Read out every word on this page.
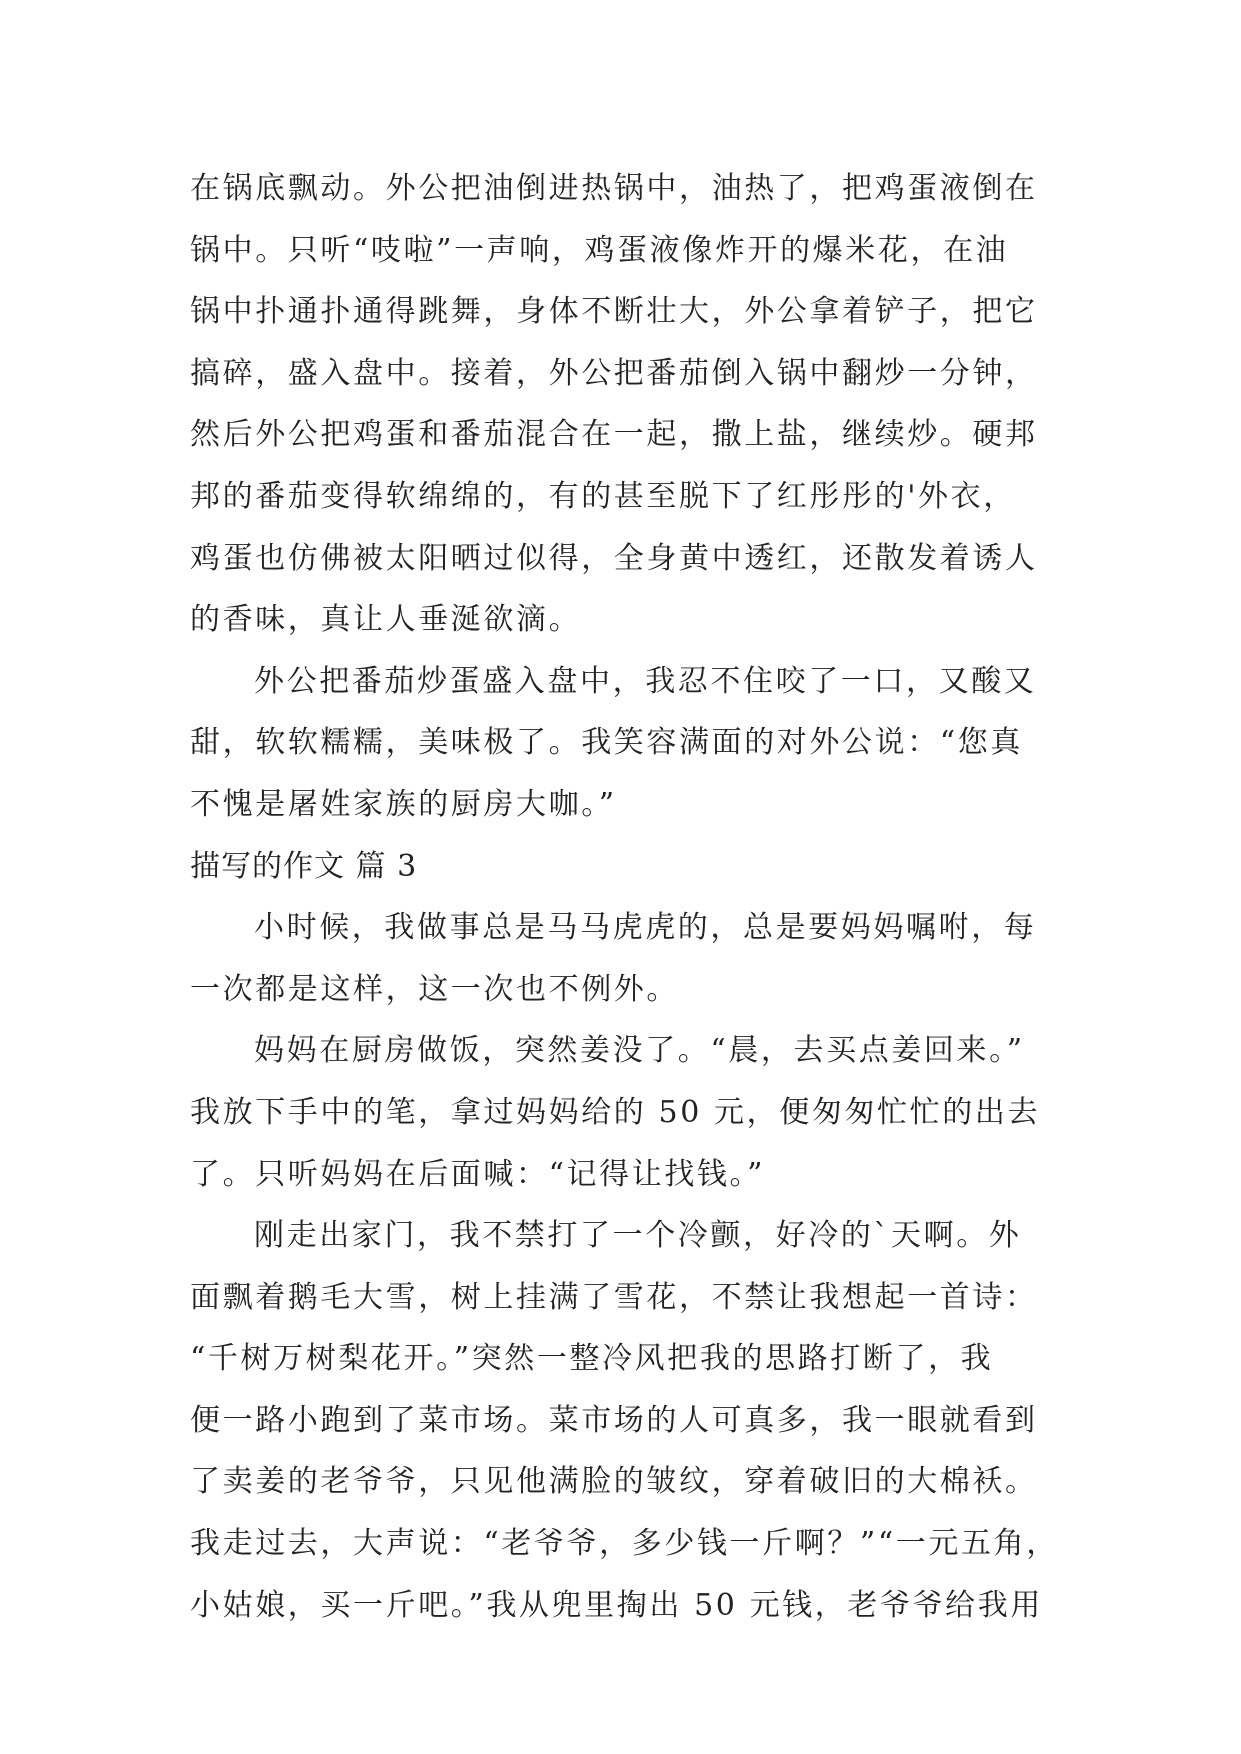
在锅底飘动。外公把油倒进热锅中，油热了，把鸡蛋液倒在
锅中。只听“吱啦”一声响，鸡蛋液像炸开的爆米花，在油
锅中扑通扑通得跳舞，身体不断壮大，外公拿着铲子，把它
搞碎，盛入盘中。接着，外公把番茄倒入锅中翻炒一分钟，
然后外公把鸡蛋和番茄混合在一起，撒上盐，继续炒。硬邦
邦的番茄变得软绵绵的，有的甚至脱下了红彤彤的'外衣，
鸡蛋也仿佛被太阳晒过似得，全身黄中透红，还散发着诱人
的香味，真让人垂涎欲滴。
外公把番茄炒蛋盛入盘中，我忍不住咬了一口，又酸又
甜，软软糯糯，美味极了。我笑容满面的对外公说：“您真
不愧是屠姓家族的厨房大咖。”
描写的作文 篇 3
小时候，我做事总是马马虎虎的，总是要妈妈嘱咐，每
一次都是这样，这一次也不例外。
妈妈在厨房做饭，突然姜没了。“晨，去买点姜回来。”
我放下手中的笔，拿过妈妈给的 50 元，便匆匆忙忙的出去
了。只听妈妈在后面喊：“记得让找钱。”
刚走出家门，我不禁打了一个冷颤，好冷的`天啊。外
面飘着鹅毛大雪，树上挂满了雪花，不禁让我想起一首诗：
“千树万树梨花开。”突然一整冷风把我的思路打断了，我
便一路小跑到了菜市场。菜市场的人可真多，我一眼就看到
了卖姜的老爷爷，只见他满脸的皱纹，穿着破旧的大棉袄。
我走过去，大声说：“老爷爷，多少钱一斤啊？”“一元五角，
小姑娘，买一斤吧。”我从兜里掏出 50 元钱，老爷爷给我用
